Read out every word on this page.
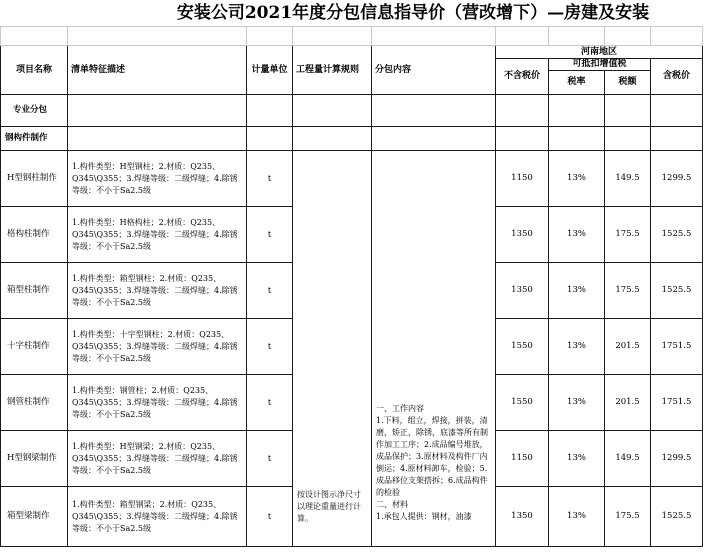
安装公司2021年度分包信息指导价（营改增下）—房建及安装

项目名称	清单特征描述	计量单位	工程量计算规则	分包内容	河南地区			
					不含税价	可抵扣增值税		含税价
						税率	税额	

专业分包								
钢构件制作								
H型钢柱制作	1.构件类型：H型钢柱；2.材质：Q235、Q345\Q355；3.焊缝等级：二级焊缝；4.除锈等级：不小于Sa2.5级	t	按设计图示净尺寸以理论重量进行计算。	一、工作内容
1.下料，组立，焊接，拼装，清磨，矫正，除锈，底漆等所有制作加工工序；2.成品编号堆放，成品保护；3.原材料及构件厂内倒运；4.原材料卸车，检验；5.成品移位支架搭拆；6.成品构件的检验
二、材料
1.承包人提供：钢材，油漆	1150	13%	149.5	1299.5
格构柱制作	1.构件类型：H格构柱；2.材质：Q235、Q345\Q355；3.焊缝等级：二级焊缝；4.除锈等级：不小于Sa2.5级	t			1350	13%	175.5	1525.5
箱型柱制作	1.构件类型：箱型钢柱；2.材质：Q235、Q345\Q355；3.焊缝等级：二级焊缝；4.除锈等级：不小于Sa2.5级	t			1350	13%	175.5	1525.5
十字柱制作	1.构件类型：十字型钢柱；2.材质：Q235、Q345\Q355；3.焊缝等级：二级焊缝；4.除锈等级：不小于Sa2.5级	t			1550	13%	201.5	1751.5
钢管柱制作	1.构件类型：钢管柱；2.材质：Q235、Q345\Q355；3.焊缝等级：二级焊缝；4.除锈等级：不小于Sa2.5级	t			1550	13%	201.5	1751.5
H型钢梁制作	1.构件类型：H型钢梁；2.材质：Q235、Q345\Q355；3.焊缝等级：二级焊缝；4.除锈等级：不小于Sa2.5级	t			1150	13%	149.5	1299.5
箱型梁制作	1.构件类型：箱型钢梁；2.材质：Q235、Q345\Q355；3.焊缝等级：二级焊缝；4.除锈等级：不小于Sa2.5级	t			1350	13%	175.5	1525.5
